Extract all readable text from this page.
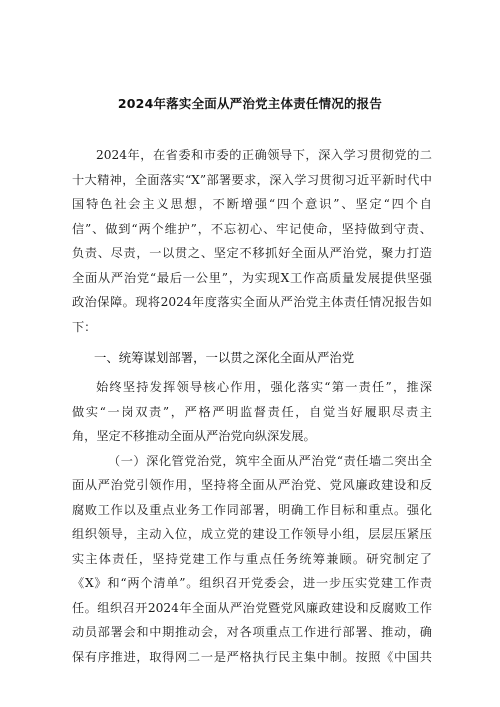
2024年落实全面从严治党主体责任情况的报告
2024年，在省委和市委的正确领导下，深入学习贯彻党的二
十大精神，全面落实“X”部署要求，深入学习贯彻习近平新时代中
国特色社会主义思想，不断增强“四个意识”、坚定“四个自
信”、做到“两个维护”，不忘初心、牢记使命，坚持做到守责、
负责、尽责，一以贯之、坚定不移抓好全面从严治党，聚力打造
全面从严治党“最后一公里”，为实现X工作高质量发展提供坚强
政治保障。现将2024年度落实全面从严治党主体责任情况报告如
下：
一、统筹谋划部署，一以贯之深化全面从严治党
始终坚持发挥领导核心作用，强化落实“第一责任”，推深
做实“一岗双责”，严格严明监督责任，自觉当好履职尽责主
角，坚定不移推动全面从严治党向纵深发展。
（一）深化管党治党，筑牢全面从严治党“责任墙二突出全
面从严治党引领作用，坚持将全面从严治党、党风廉政建设和反
腐败工作以及重点业务工作同部署，明确工作目标和重点。强化
组织领导，主动入位，成立党的建设工作领导小组，层层压紧压
实主体责任，坚持党建工作与重点任务统筹兼顾。研究制定了
《X》和“两个清单”。组织召开党委会，进一步压实党建工作责
任。组织召开2024年全面从严治党暨党风廉政建设和反腐败工作
动员部署会和中期推动会，对各项重点工作进行部署、推动，确
保有序推进，取得网二一是严格执行民主集中制。按照《中国共
